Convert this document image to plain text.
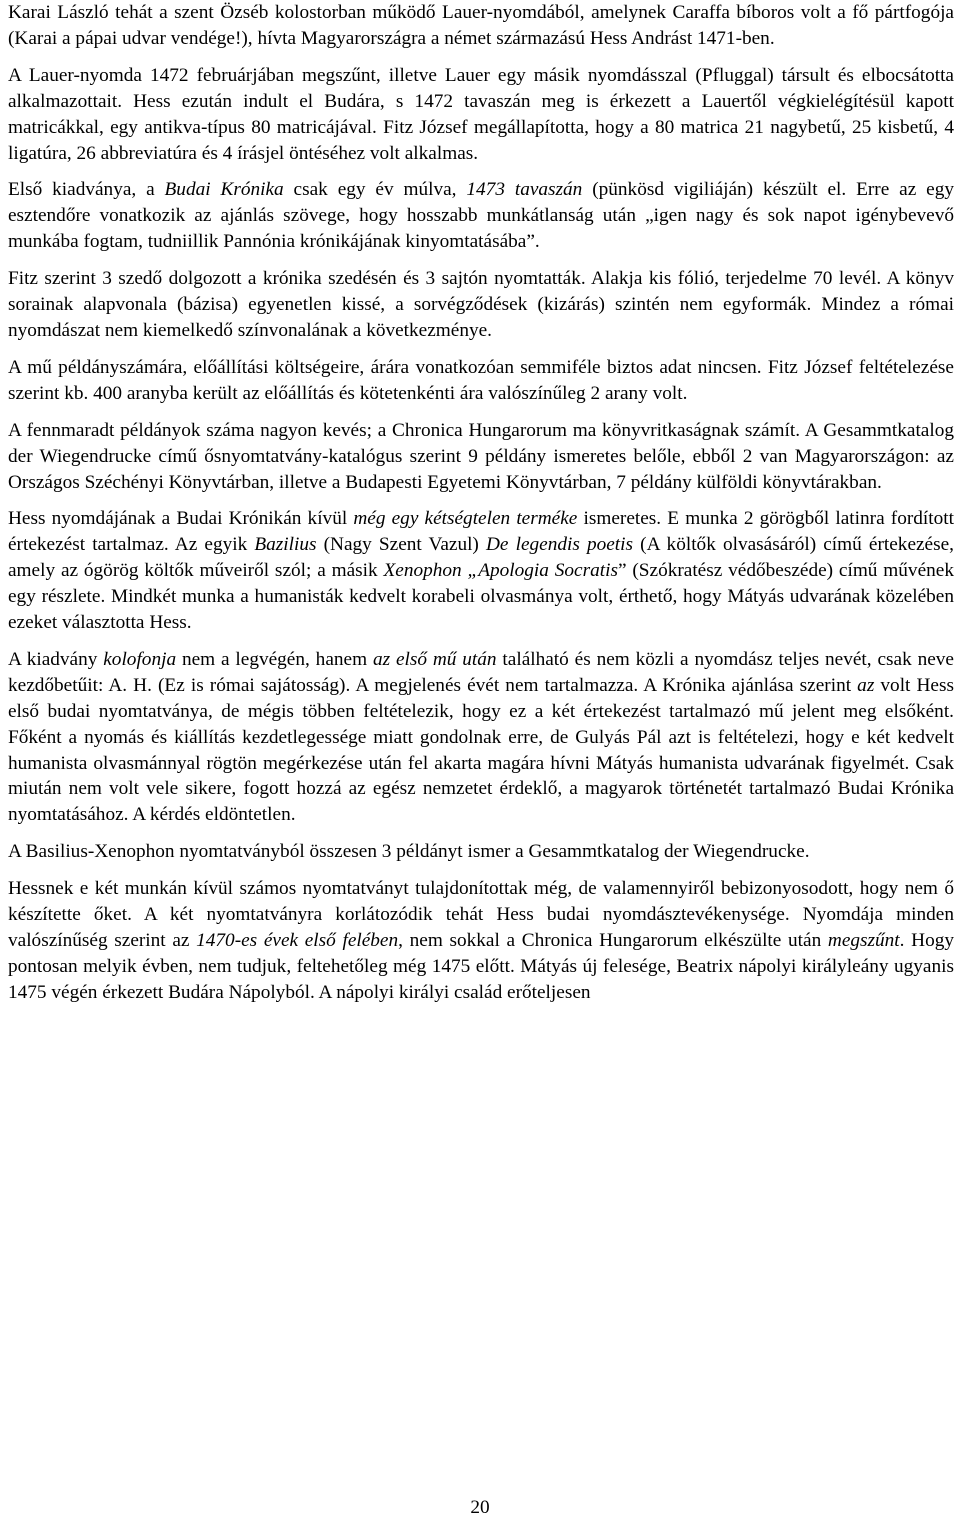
Karai László tehát a szent Özséb kolostorban működő Lauer-nyomdából, amelynek Caraffa bíboros volt a fő pártfogója (Karai a pápai udvar vendége!), hívta Magyarországra a német származású Hess Andrást 1471-ben.

A Lauer-nyomda 1472 februárjában megszűnt, illetve Lauer egy másik nyomdásszal (Pfluggal) társult és elbocsátotta alkalmazottait. Hess ezután indult el Budára, s 1472 tavaszán meg is érkezett a Lauertől végkielégítésül kapott matricákkal, egy antikva-típus 80 matricájával. Fitz József megállapította, hogy a 80 matrica 21 nagybetű, 25 kisbetű, 4 ligatúra, 26 abbreviatúra és 4 írásjel öntéséhez volt alkalmas.

Első kiadványa, a Budai Krónika csak egy év múlva, 1473 tavaszán (pünkösd vigiliáján) készült el. Erre az egy esztendőre vonatkozik az ajánlás szövege, hogy hosszabb munkátlanság után „igen nagy és sok napot igénybevevő munkába fogtam, tudniillik Pannónia krónikájának kinyomtatásába”.

Fitz szerint 3 szedő dolgozott a krónika szedésén és 3 sajtón nyomtatták. Alakja kis fólió, terjedelme 70 levél. A könyv sorainak alapvonala (bázisa) egyenetlen kissé, a sorvégződések (kizárás) szintén nem egyformák. Mindez a római nyomdászat nem kiemelkedő színvonalának a következménye.

A mű példányszámára, előállítási költségeire, árára vonatkozóan semmiféle biztos adat nincsen. Fitz József feltételezése szerint kb. 400 aranyba került az előállítás és kötetenkénti ára valószínűleg 2 arany volt.

A fennmaradt példányok száma nagyon kevés; a Chronica Hungarorum ma könyvritkaságnak számít. A Gesammtkatalog der Wiegendrucke című ősnyomtatvány-katalógus szerint 9 példány ismeretes belőle, ebből 2 van Magyarországon: az Országos Széchényi Könyvtárban, illetve a Budapesti Egyetemi Könyvtárban, 7 példány külföldi könyvtárakban.

Hess nyomdájának a Budai Krónikán kívül még egy kétségtelen terméke ismeretes. E munka 2 görögből latinra fordított értekezést tartalmaz. Az egyik Bazilius (Nagy Szent Vazul) De legendis poetis (A költők olvasásáról) című értekezése, amely az ógörög költők műveiről szól; a másik Xenophon „Apologia Socratis” (Szókratész védőbeszéde) című művének egy részlete. Mindkét munka a humanisták kedvelt korabeli olvasmánya volt, érthető, hogy Mátyás udvarának közelében ezeket választotta Hess.

A kiadvány kolofonja nem a legvégén, hanem az első mű után található és nem közli a nyomdász teljes nevét, csak neve kezdőbetűit: A. H. (Ez is római sajátosság). A megjelenés évét nem tartalmazza. A Krónika ajánlása szerint az volt Hess első budai nyomtatványa, de mégis többen feltételezik, hogy ez a két értekezést tartalmazó mű jelent meg elsőként. Főként a nyomás és kiállítás kezdetlegessége miatt gondolnak erre, de Gulyás Pál azt is feltételezi, hogy e két kedvelt humanista olvasmánnyal rögtön megérkezése után fel akarta magára hívni Mátyás humanista udvarának figyelmét. Csak miután nem volt vele sikere, fogott hozzá az egész nemzetet érdeklő, a magyarok történetét tartalmazó Budai Krónika nyomtatásához. A kérdés eldöntetlen.

A Basilius-Xenophon nyomtatványból összesen 3 példányt ismer a Gesammtkatalog der Wiegendrucke.

Hessnek e két munkán kívül számos nyomtatványt tulajdonítottak még, de valamennyiről bebizonyosodott, hogy nem ő készítette őket. A két nyomtatványra korlátozódik tehát Hess budai nyomdásztevékenysége. Nyomdája minden valószínűség szerint az 1470-es évek első felében, nem sokkal a Chronica Hungarorum elkészülte után megszűnt. Hogy pontosan melyik évben, nem tudjuk, feltehetőleg még 1475 előtt. Mátyás új felesége, Beatrix nápolyi királyleány ugyanis 1475 végén érkezett Budára Nápolyból. A nápolyi királyi család erőteljesen

20
